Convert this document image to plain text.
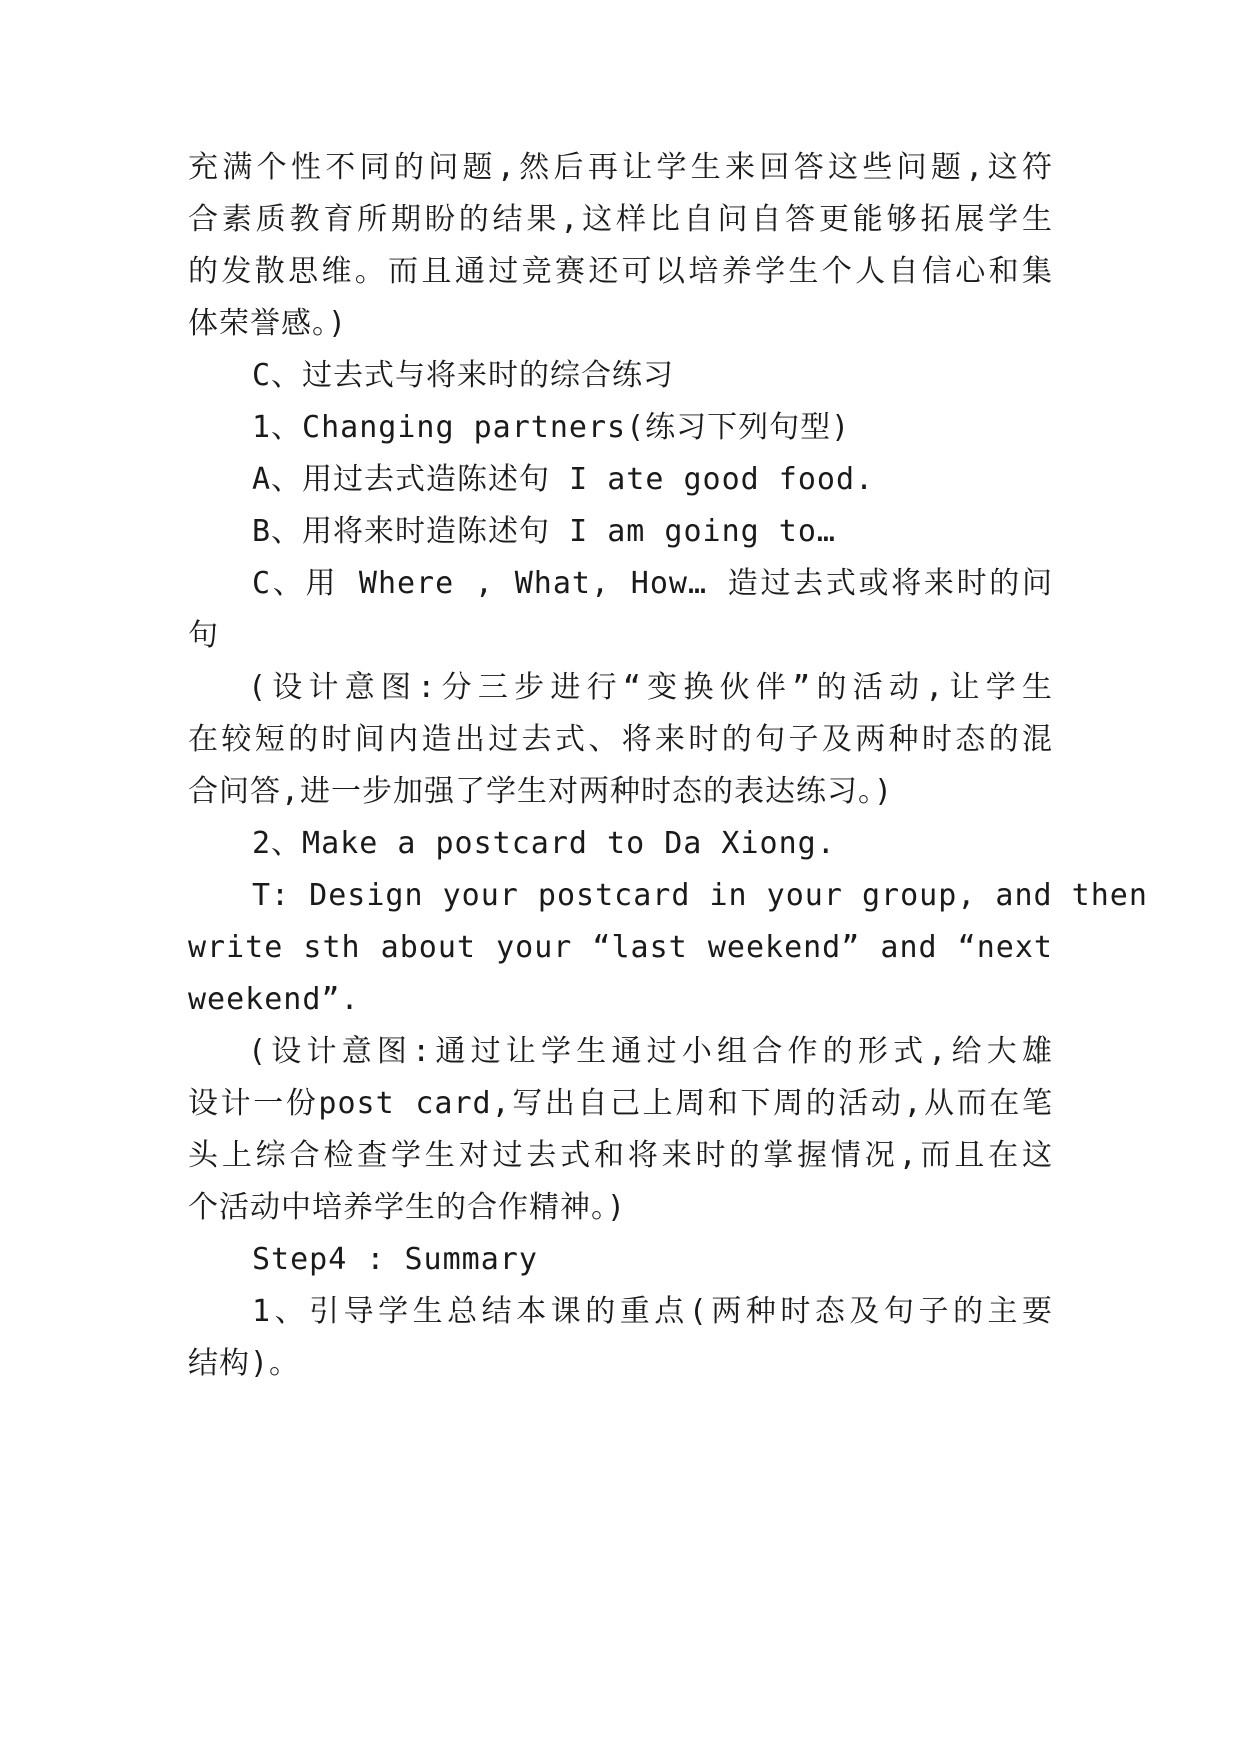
充满个性不同的问题,然后再让学生来回答这些问题,这符
合素质教育所期盼的结果,这样比自问自答更能够拓展学生
的发散思维。而且通过竞赛还可以培养学生个人自信心和集
体荣誉感。)
C、过去式与将来时的综合练习
1、Changing partners(练习下列句型)
A、用过去式造陈述句 I ate good food.
B、用将来时造陈述句 I am going to…
C、用 Where , What, How… 造过去式或将来时的问
句
(设计意图:分三步进行“变换伙伴”的活动,让学生
在较短的时间内造出过去式、将来时的句子及两种时态的混
合问答,进一步加强了学生对两种时态的表达练习。)
2、Make a postcard to Da Xiong.
T: Design your postcard in your group, and then
write sth about your “last weekend” and “next
weekend”.
(设计意图:通过让学生通过小组合作的形式,给大雄
设计一份post card,写出自己上周和下周的活动,从而在笔
头上综合检查学生对过去式和将来时的掌握情况,而且在这
个活动中培养学生的合作精神。)
Step4 : Summary
1、引导学生总结本课的重点(两种时态及句子的主要
结构)。
